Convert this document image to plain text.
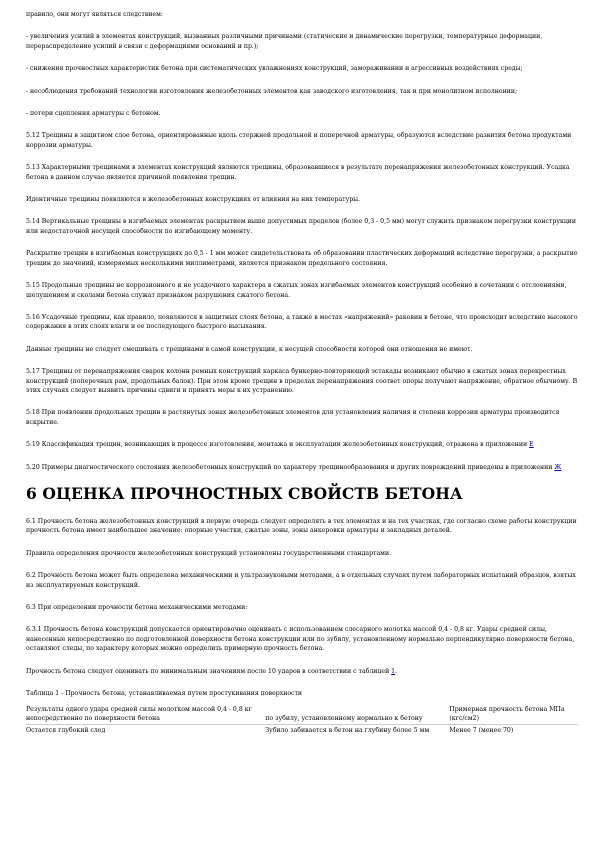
правило, они могут являться следствием:

- увеличения усилий в элементах конструкций, вызванных различными причинами (статические и динамические перегрузки, температурные деформации, перераспределение усилий в связи с деформациями оснований и пр.);

- снижения прочностных характеристик бетона при систематических увлажнениях конструкций, замораживании и агрессивных воздействиях среды;

- несоблюдения требований технологии изготовления железобетонных элементов как заводского изготовления, так и при монолитном исполнении;

- потери сцепления арматуры с бетоном.

5.12 Трещины в защитном слое бетона, ориентированные вдоль стержней продольной и поперечной арматуры, образуются вследствие развития бетона продуктами коррозии арматуры.

5.13 Характерными трещинами в элементах конструкций являются трещины, образовавшиеся в результате перенапряжения железобетонных конструкций. Усадка бетона в данном случае является причиной появления трещин.

Идентичные трещины появляются в железобетонных конструкциях от влияния на них температуры.

5.14 Вертикальные трещины в изгибаемых элементах раскрытием выше допустимых пределов (более 0,3 - 0,5 мм) могут служить признаком перегрузки конструкции или недостаточной несущей способности по изгибающему моменту.

Раскрытие трещин в изгибаемых конструкциях до 0,5 - 1 мм может свидетельствовать об образовании пластических деформаций вследствие перегрузки, а раскрытие трещин до значений, измеряемых несколькими миллиметрами, является признаком предельного состояния.

5.15 Продольные трещины не коррозионного и не усадочного характера в сжатых зонах изгибаемых элементов конструкций особенно в сочетании с отслоениями, шелушением и сколами бетона служат признаком разрушения сжатого бетона.

5.16 Усадочные трещины, как правило, появляются в защитных слоях бетона, а также в местах «напряжений» раковин в бетоне, что происходит вследствие высокого содержания в этих слоях влаги и ее последующего быстрого высыхания.

Данные трещины не следует смешивать с трещинами в самой конструкции, к несущей способности которой они отношения не имеют.

5.17 Трещины от перенапряжения сварок колонн ремных конструкций каркаса бункерно-повторяющей эстакады возникают обычно в сжатых зонах перекрестных конструкций (поперечных рам, продольных балок). При этом кроме трещин в пределах перенапряжения соответ опоры получают напряжение, обратное обычному. В этих случаях следует выявить причины сдвиги и принять меры к их устранению.

5.18 При появлении продольных трещин в растянутых зонах железобетонных элементов для установления наличия и степени коррозии арматуры производится вскрытие.

5.19 Классификация трещин, возникающих в процессе изготовления, монтажа и эксплуатации железобетонных конструкций, отражена в приложении Е

5.20 Примеры диагностического состояния железобетонных конструкций по характеру трещинообразования и других повреждений приведены в приложении Ж

6 ОЦЕНКА ПРОЧНОСТНЫХ СВОЙСТВ БЕТОНА

6.1 Прочность бетона железобетонных конструкций в первую очередь следует определять в тех элементах и на тех участках, где согласно схеме работы конструкции прочность бетона имеет наибольшее значение: опорные участки, сжатые зоны, зоны анкеровки арматуры и закладных деталей.

Правила определения прочности железобетонных конструкций установлены государственными стандартами.

6.2 Прочность бетона может быть определена механическими и ультразвуковыми методами, а в отдельных случаях путем лабораторных испытаний образцов, взятых из эксплуатируемых конструкций.

6.3 При определении прочности бетона механическими методами:

6.3.1 Прочность бетона конструкций допускается ориентировочно оценивать с использованием слесарного молотка массой 0,4 - 0,8 кг. Удары средней силы, нанесенные непосредственно по подготовленной поверхности бетона конструкции или по зубилу, установленному нормально перпендикулярно поверхности бетона, оставляют следы, по характеру которых можно определить примерную прочность бетона.

Прочность бетона следует оценивать по минимальным значениям после 10 ударов в соответствии с таблицей 1.

Таблица 1 - Прочность бетона, устанавливаемая путем простукивания поверхности

Результаты одного удара средней силы молотком массой 0,4 - 0,8 кг
непосредственно по поверхности бетона	по зубилу, установленному нормально к бетону	Примерная прочность бетона МПа (кгс/см2)
Остается глубокий след	Зубило забивается в бетон на глубину более 5 мм	Менее 7 (менее 70)
